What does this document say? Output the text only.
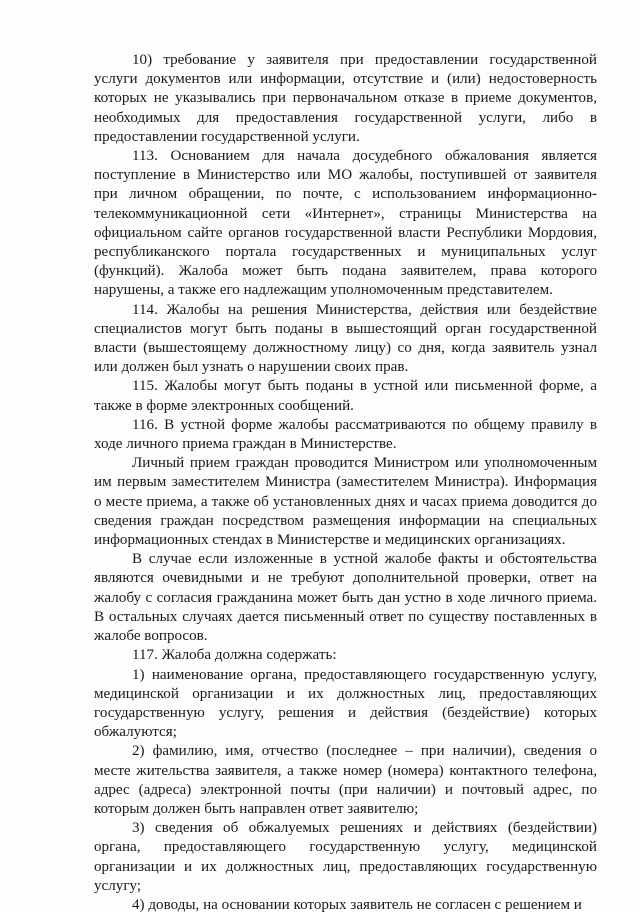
10) требование у заявителя при предоставлении государственной услуги документов или информации, отсутствие и (или) недостоверность которых не указывались при первоначальном отказе в приеме документов, необходимых для предоставления государственной услуги, либо в предоставлении государственной услуги.

113. Основанием для начала досудебного обжалования является поступление в Министерство или МО жалобы, поступившей от заявителя при личном обращении, по почте, с использованием информационно-телекоммуникационной сети «Интернет», страницы Министерства на официальном сайте органов государственной власти Республики Мордовия, республиканского портала государственных и муниципальных услуг (функций). Жалоба может быть подана заявителем, права которого нарушены, а также его надлежащим уполномоченным представителем.

114. Жалобы на решения Министерства, действия или бездействие специалистов могут быть поданы в вышестоящий орган государственной власти (вышестоящему должностному лицу) со дня, когда заявитель узнал или должен был узнать о нарушении своих прав.

115. Жалобы могут быть поданы в устной или письменной форме, а также в форме электронных сообщений.

116. В устной форме жалобы рассматриваются по общему правилу в ходе личного приема граждан в Министерстве.

Личный прием граждан проводится Министром или уполномоченным им первым заместителем Министра (заместителем Министра). Информация о месте приема, а также об установленных днях и часах приема доводится до сведения граждан посредством размещения информации на специальных информационных стендах в Министерстве и медицинских организациях.

В случае если изложенные в устной жалобе факты и обстоятельства являются очевидными и не требуют дополнительной проверки, ответ на жалобу с согласия гражданина может быть дан устно в ходе личного приема. В остальных случаях дается письменный ответ по существу поставленных в жалобе вопросов.

117. Жалоба должна содержать:

1) наименование органа, предоставляющего государственную услугу, медицинской организации и их должностных лиц, предоставляющих государственную услугу, решения и действия (бездействие) которых обжалуются;

2) фамилию, имя, отчество (последнее – при наличии), сведения о месте жительства заявителя, а также номер (номера) контактного телефона, адрес (адреса) электронной почты (при наличии) и почтовый адрес, по которым должен быть направлен ответ заявителю;

3) сведения об обжалуемых решениях и действиях (бездействии) органа, предоставляющего государственную услугу, медицинской организации и их должностных лиц, предоставляющих государственную услугу;

4) доводы, на основании которых заявитель не согласен с решением и
